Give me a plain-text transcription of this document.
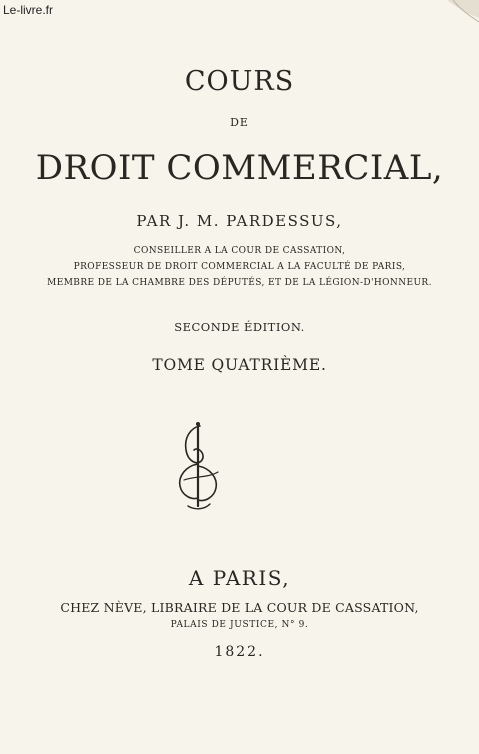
Le-livre.fr
COURS
DE
DROIT COMMERCIAL,
PAR J. M. PARDESSUS,
CONSEILLER A LA COUR DE CASSATION,
PROFESSEUR DE DROIT COMMERCIAL A LA FACULTÉ DE PARIS,
MEMBRE DE LA CHAMBRE DES DÉPUTÉS, ET DE LA LÉGION-D'HONNEUR.
SECONDE ÉDITION.
TOME QUATRIÈME.
A PARIS,
CHEZ NÈVE, LIBRAIRE DE LA COUR DE CASSATION,
PALAIS DE JUSTICE, N° 9.
1822.
